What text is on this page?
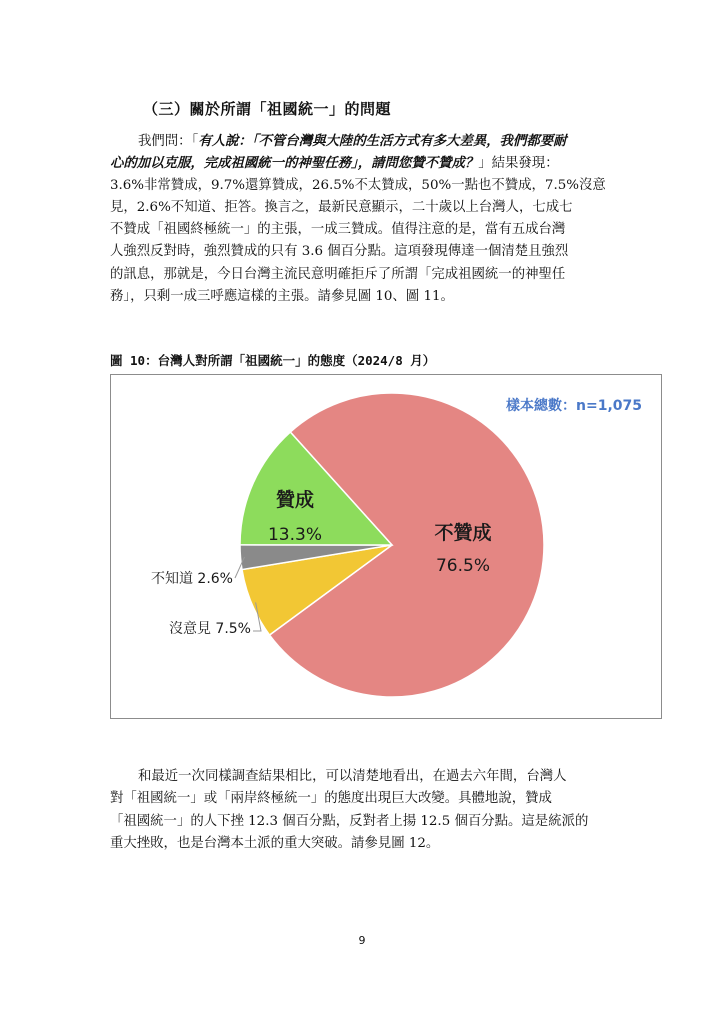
（三）關於所謂「祖國統一」的問題
我們問：「有人說：「不管台灣與大陸的生活方式有多大差異，我們都要耐
心的加以克服，完成祖國統一的神聖任務」，請問您贊不贊成？」結果發現：
3.6%非常贊成，9.7%還算贊成，26.5%不太贊成，50%一點也不贊成，7.5%沒意
見，2.6%不知道、拒答。換言之，最新民意顯示，二十歲以上台灣人，七成七
不贊成「祖國終極統一」的主張，一成三贊成。值得注意的是，當有五成台灣
人強烈反對時，強烈贊成的只有 3.6 個百分點。這項發現傳達一個清楚且強烈
的訊息，那就是，今日台灣主流民意明確拒斥了所謂「完成祖國統一的神聖任
務」，只剩一成三呼應這樣的主張。請參見圖 10、圖 11。
圖 10：台灣人對所謂「祖國統一」的態度（2024/8 月）
不贊成
76.5%
贊成
13.3%
不知道 2.6%
沒意見 7.5%
樣本總數：n=1,075
和最近一次同樣調查結果相比，可以清楚地看出，在過去六年間，台灣人
對「祖國統一」或「兩岸終極統一」的態度出現巨大改變。具體地說，贊成
「祖國統一」的人下挫 12.3 個百分點，反對者上揚 12.5 個百分點。這是統派的
重大挫敗，也是台灣本土派的重大突破。請參見圖 12。
9
